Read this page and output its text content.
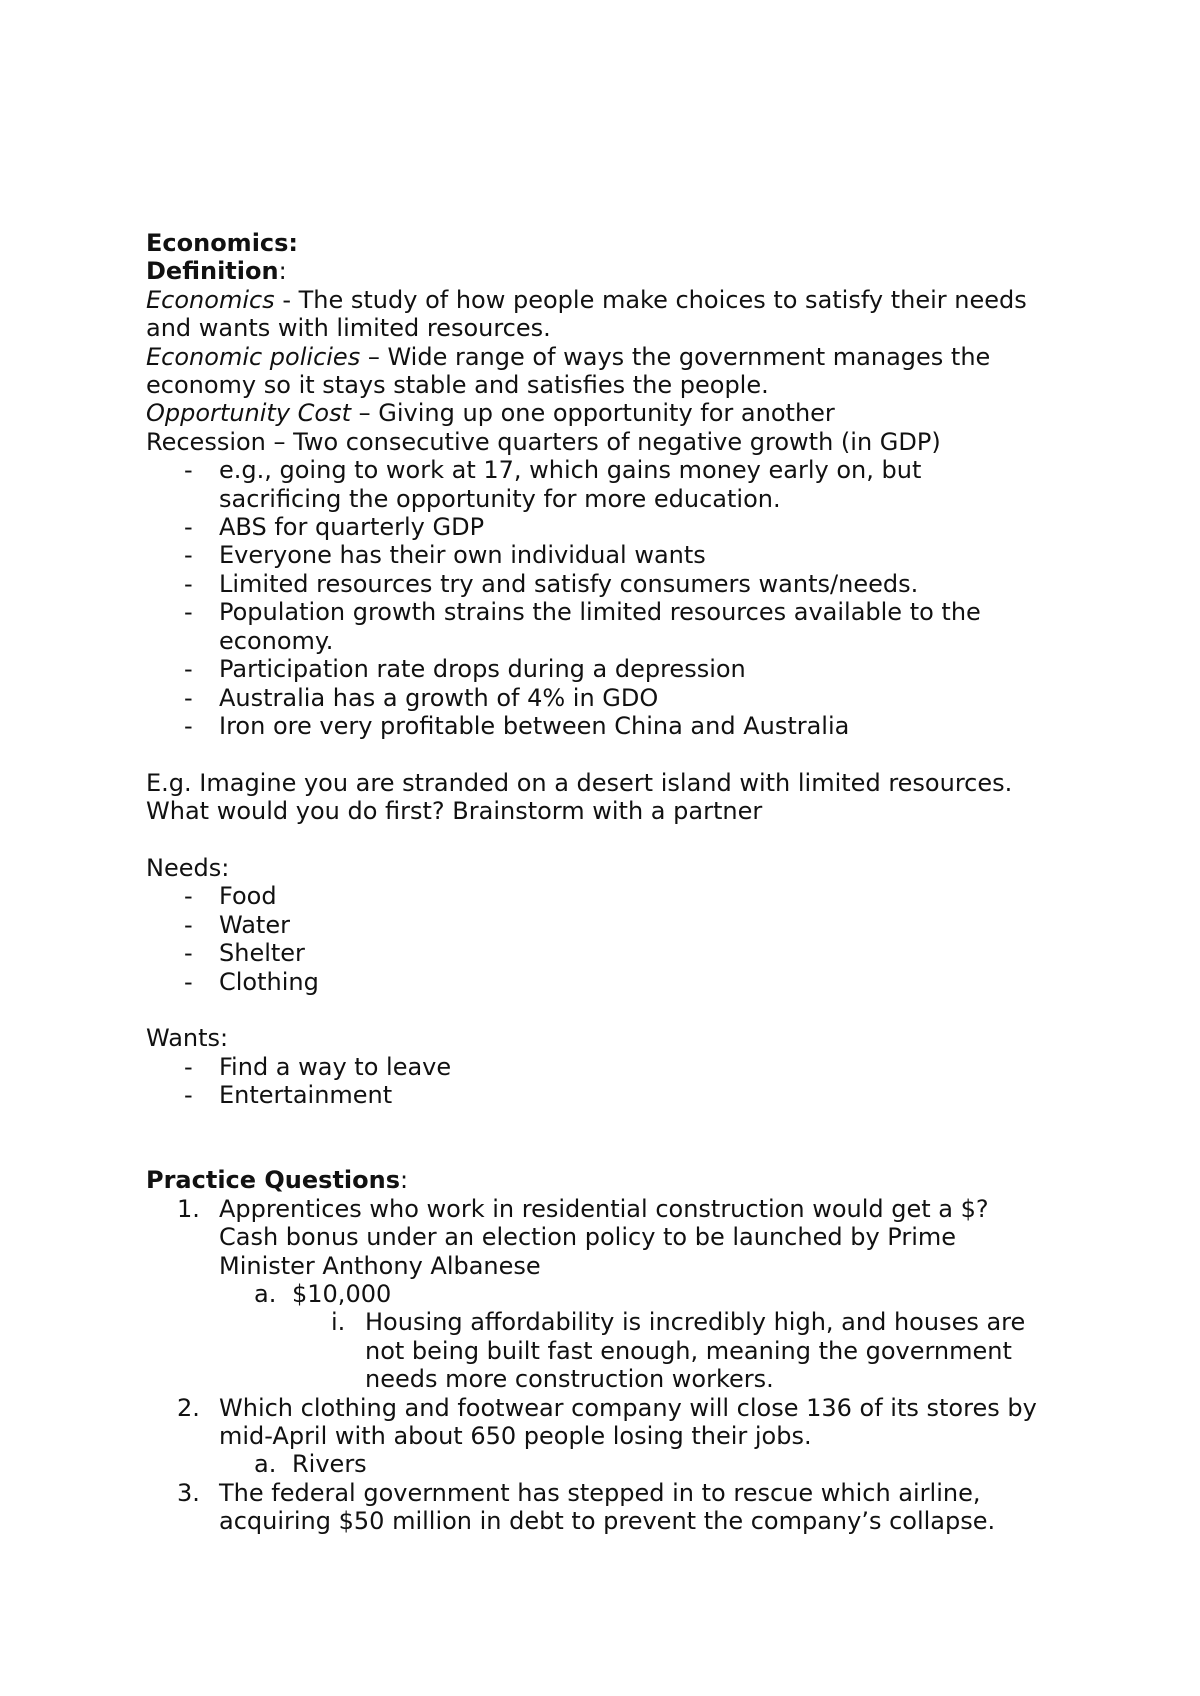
Economics:

Definition:

Economics - The study of how people make choices to satisfy their needs

and wants with limited resources.

Economic policies – Wide range of ways the government manages the

economy so it stays stable and satisfies the people.

Opportunity Cost – Giving up one opportunity for another

Recession – Two consecutive quarters of negative growth (in GDP)

- e.g., going to work at 17, which gains money early on, but
sacrificing the opportunity for more education.
- ABS for quarterly GDP
- Everyone has their own individual wants
- Limited resources try and satisfy consumers wants/needs.
- Population growth strains the limited resources available to the
economy.
- Participation rate drops during a depression
- Australia has a growth of 4% in GDO
- Iron ore very profitable between China and Australia

E.g. Imagine you are stranded on a desert island with limited resources.

What would you do first? Brainstorm with a partner

Needs:

- Food
- Water
- Shelter
- Clothing

Wants:

- Find a way to leave
- Entertainment

Practice Questions:

1. Apprentices who work in residential construction would get a $?
Cash bonus under an election policy to be launched by Prime
Minister Anthony Albanese
a. $10,000
i. Housing affordability is incredibly high, and houses are
not being built fast enough, meaning the government
needs more construction workers.
2. Which clothing and footwear company will close 136 of its stores by
mid-April with about 650 people losing their jobs.
a. Rivers
3. The federal government has stepped in to rescue which airline,
acquiring $50 million in debt to prevent the company’s collapse.
